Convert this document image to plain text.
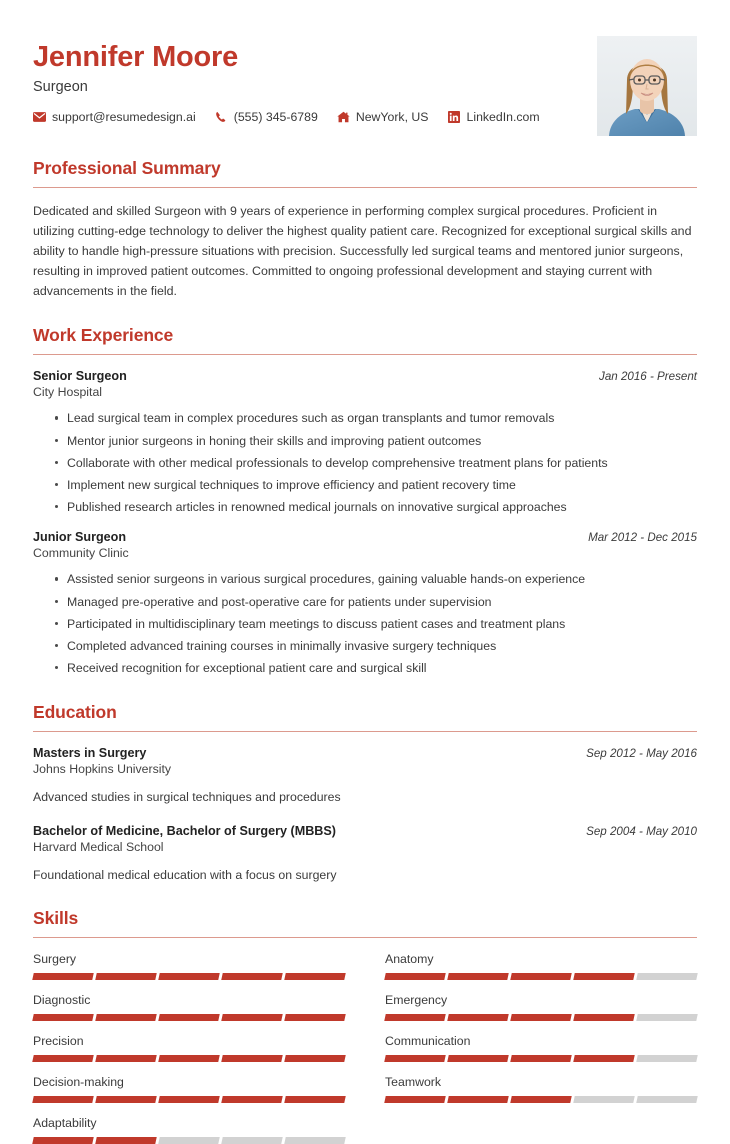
Jennifer Moore
Surgeon
support@resumedesign.ai	(555) 345-6789	NewYork, US	LinkedIn.com
Professional Summary

Dedicated and skilled Surgeon with 9 years of experience in performing complex surgical procedures. Proficient in utilizing cutting-edge technology to deliver the highest quality patient care. Recognized for exceptional surgical skills and ability to handle high-pressure situations with precision. Successfully led surgical teams and mentored junior surgeons, resulting in improved patient outcomes. Committed to ongoing professional development and staying current with advancements in the field.

Work Experience
Senior Surgeon	Jan 2016 - Present
City Hospital
Lead surgical team in complex procedures such as organ transplants and tumor removals
Mentor junior surgeons in honing their skills and improving patient outcomes
Collaborate with other medical professionals to develop comprehensive treatment plans for patients
Implement new surgical techniques to improve efficiency and patient recovery time
Published research articles in renowned medical journals on innovative surgical approaches
Junior Surgeon	Mar 2012 - Dec 2015
Community Clinic
Assisted senior surgeons in various surgical procedures, gaining valuable hands-on experience
Managed pre-operative and post-operative care for patients under supervision
Participated in multidisciplinary team meetings to discuss patient cases and treatment plans
Completed advanced training courses in minimally invasive surgery techniques
Received recognition for exceptional patient care and surgical skill
Education
Masters in Surgery	Sep 2012 - May 2016
Johns Hopkins University
Advanced studies in surgical techniques and procedures
Bachelor of Medicine, Bachelor of Surgery (MBBS)	Sep 2004 - May 2010
Harvard Medical School
Foundational medical education with a focus on surgery
Skills
Surgery
Diagnostic
Precision
Decision-making
Adaptability
Anatomy
Emergency
Communication
Teamwork
